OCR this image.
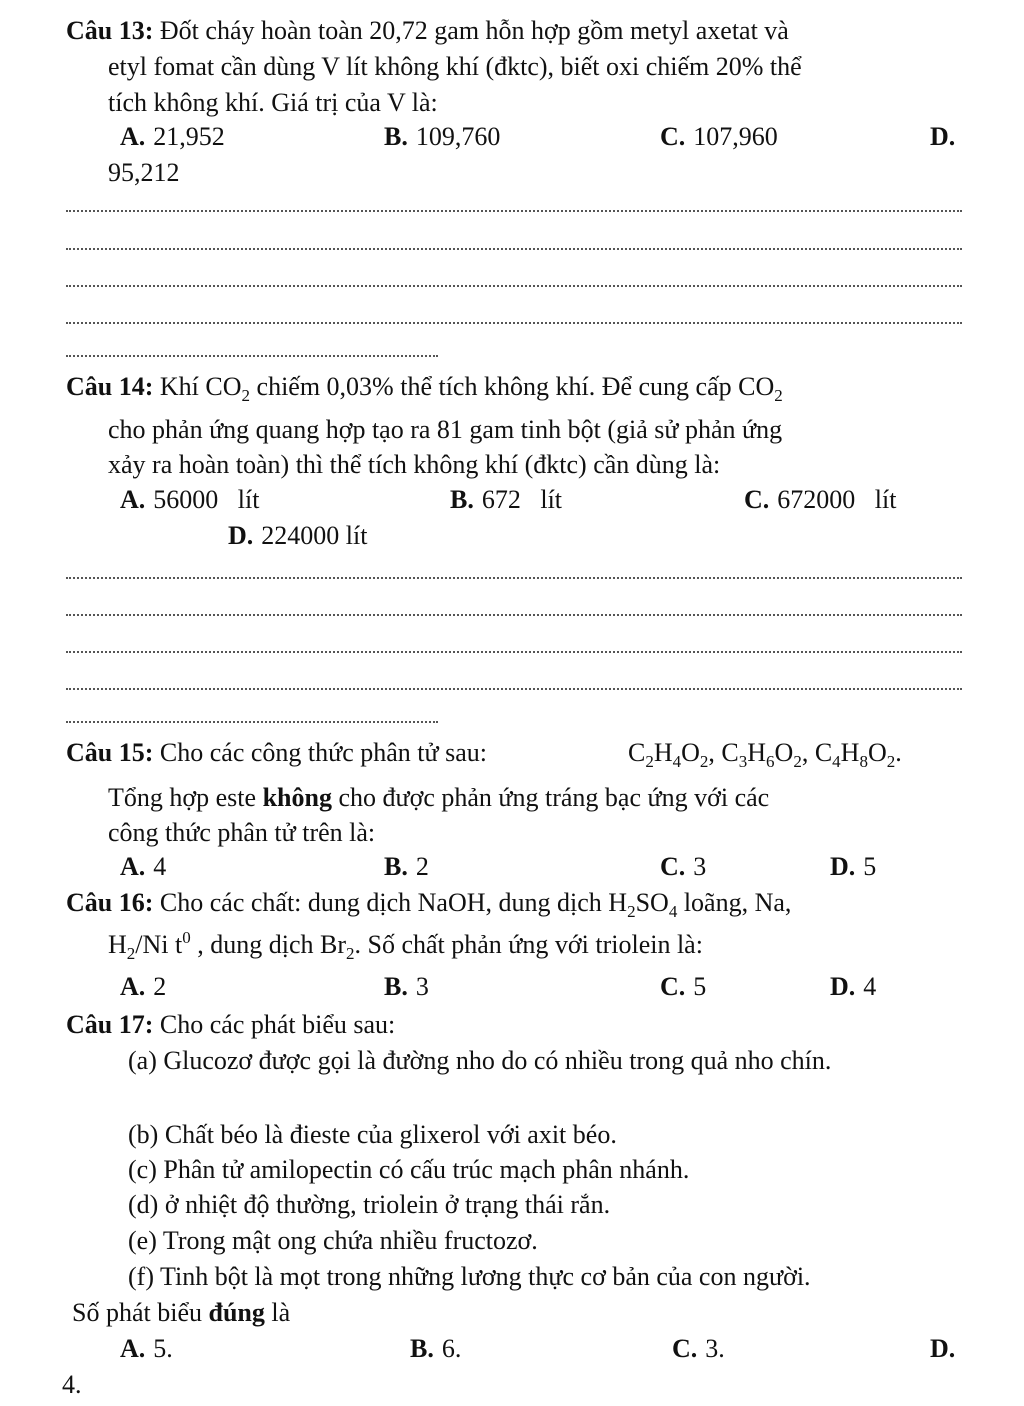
Câu 13: Đốt cháy hoàn toàn 20,72 gam hỗn hợp gồm metyl axetat và
etyl fomat cần dùng V lít không khí (đktc), biết oxi chiếm 20% thể
tích không khí. Giá trị của V là:
A. 21,952	B. 109,760	C. 107,960	D.
95,212
Câu 14: Khí $CO_2$ chiếm 0,03% thể tích không khí. Để cung cấp $CO_2$
cho phản ứng quang hợp tạo ra 81 gam tinh bột (giả sử phản ứng
xảy ra hoàn toàn) thì thể tích không khí (đktc) cần dùng là:
A. 56000   lít	B. 672   lít	C. 672000   lít
D. 224000 lít
Câu 15: Cho các công thức phân tử sau:	$C_2H_4O_2$, $C_3H_6O_2$, $C_4H_8O_2$.
Tổng hợp este không cho được phản ứng tráng bạc ứng với các
công thức phân tử trên là:
A. 4	B. 2	C. 3	D. 5
Câu 16: Cho các chất: dung dịch NaOH, dung dịch $H_2SO_4$ loãng, Na,
$H_2/Ni$ $t^0$ , dung dịch $Br_2$. Số chất phản ứng với triolein là:
A. 2	B. 3	C. 5	D. 4
Câu 17: Cho các phát biểu sau:
(a) Glucozơ được gọi là đường nho do có nhiều trong quả nho chín.
(b) Chất béo là đieste của glixerol với axit béo.
(c) Phân tử amilopectin có cấu trúc mạch phân nhánh.
(d) ở nhiệt độ thường, triolein ở trạng thái rắn.
(e) Trong mật ong chứa nhiều fructozơ.
(f) Tinh bột là mọt trong những lương thực cơ bản của con người.
Số phát biểu đúng là
A. 5.	B. 6.	C. 3.	D.
4.
